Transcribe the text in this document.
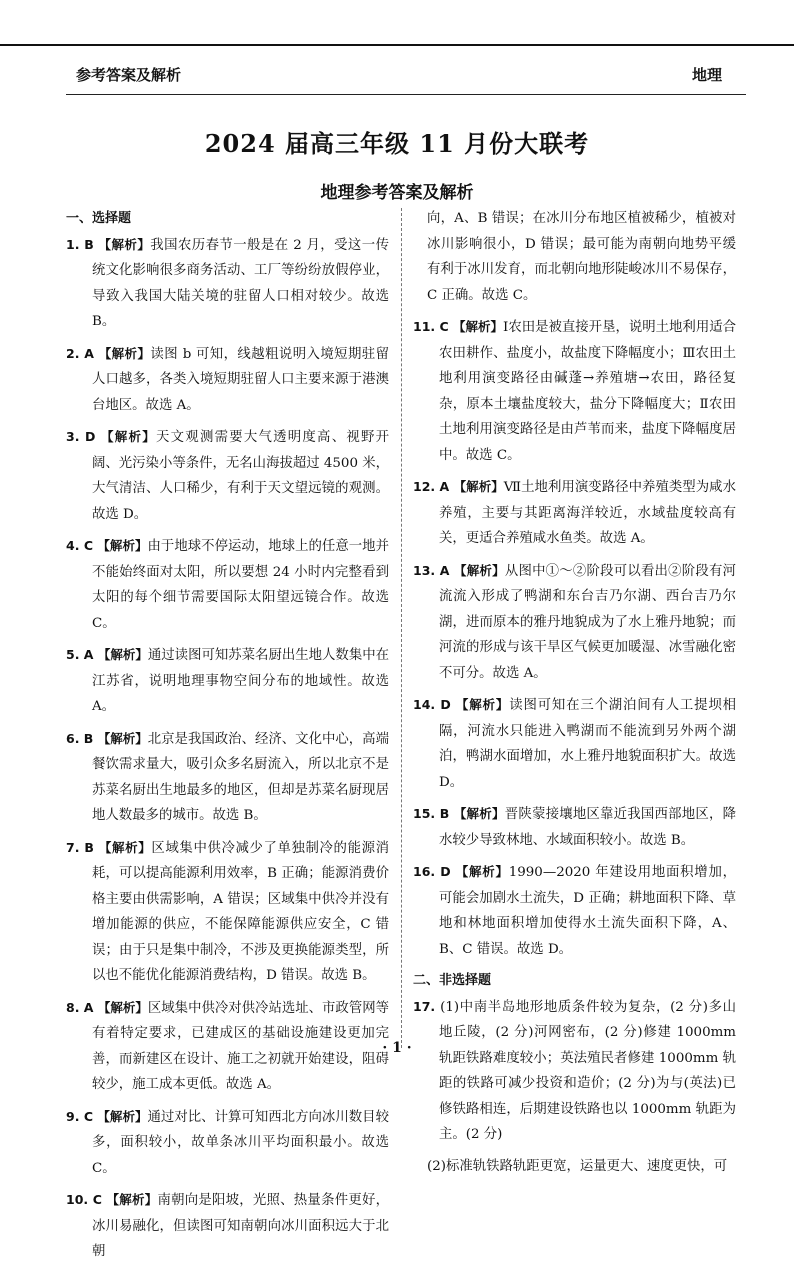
参考答案及解析	地理
2024 届高三年级 11 月份大联考
地理参考答案及解析

一、选择题

1. B 【解析】我国农历春节一般是在 2 月，受这一传统文化影响很多商务活动、工厂等纷纷放假停业，导致入我国大陆关境的驻留人口相对较少。故选 B。

2. A 【解析】读图 b 可知，线越粗说明入境短期驻留人口越多，各类入境短期驻留人口主要来源于港澳台地区。故选 A。

3. D 【解析】天文观测需要大气透明度高、视野开阔、光污染小等条件，无名山海拔超过 4500 米，大气清洁、人口稀少，有利于天文望远镜的观测。故选 D。

4. C 【解析】由于地球不停运动，地球上的任意一地并不能始终面对太阳，所以要想 24 小时内完整看到太阳的每个细节需要国际太阳望远镜合作。故选 C。

5. A 【解析】通过读图可知苏菜名厨出生地人数集中在江苏省，说明地理事物空间分布的地域性。故选 A。

6. B 【解析】北京是我国政治、经济、文化中心，高端餐饮需求量大，吸引众多名厨流入，所以北京不是苏菜名厨出生地最多的地区，但却是苏菜名厨现居地人数最多的城市。故选 B。

7. B 【解析】区域集中供冷减少了单独制冷的能源消耗，可以提高能源利用效率，B 正确；能源消费价格主要由供需影响，A 错误；区域集中供冷并没有增加能源的供应，不能保障能源供应安全，C 错误；由于只是集中制冷，不涉及更换能源类型，所以也不能优化能源消费结构，D 错误。故选 B。

8. A 【解析】区域集中供冷对供冷站选址、市政管网等有着特定要求，已建成区的基础设施建设更加完善，而新建区在设计、施工之初就开始建设，阻碍较少，施工成本更低。故选 A。

9. C 【解析】通过对比、计算可知西北方向冰川数目较多，面积较小，故单条冰川平均面积最小。故选 C。

10. C 【解析】南朝向是阳坡，光照、热量条件更好，冰川易融化，但读图可知南朝向冰川面积远大于北朝

向，A、B 错误；在冰川分布地区植被稀少，植被对冰川影响很小，D 错误；最可能为南朝向地势平缓有利于冰川发育，而北朝向地形陡峻冰川不易保存，C 正确。故选 C。

11. C 【解析】Ⅰ农田是被直接开垦，说明土地利用适合农田耕作、盐度小，故盐度下降幅度小；Ⅲ农田土地利用演变路径由碱蓬→养殖塘→农田，路径复杂，原本土壤盐度较大，盐分下降幅度大；Ⅱ农田土地利用演变路径是由芦苇而来，盐度下降幅度居中。故选 C。

12. A 【解析】Ⅶ土地利用演变路径中养殖类型为咸水养殖，主要与其距离海洋较近，水域盐度较高有关，更适合养殖咸水鱼类。故选 A。

13. A 【解析】从图中①～②阶段可以看出②阶段有河流流入形成了鸭湖和东台吉乃尔湖、西台吉乃尔湖，进而原本的雅丹地貌成为了水上雅丹地貌；而河流的形成与该干旱区气候更加暖湿、冰雪融化密不可分。故选 A。

14. D 【解析】读图可知在三个湖泊间有人工提坝相隔，河流水只能进入鸭湖而不能流到另外两个湖泊，鸭湖水面增加，水上雅丹地貌面积扩大。故选 D。

15. B 【解析】晋陕蒙接壤地区靠近我国西部地区，降水较少导致林地、水域面积较小。故选 B。

16. D 【解析】1990—2020 年建设用地面积增加，可能会加剧水土流失，D 正确；耕地面积下降、草地和林地面积增加使得水土流失面积下降，A、B、C 错误。故选 D。

二、非选择题

17. (1)中南半岛地形地质条件较为复杂，(2 分)多山地丘陵，(2 分)河网密布，(2 分)修建 1000mm 轨距铁路难度较小；英法殖民者修建 1000mm 轨距的铁路可减少投资和造价；(2 分)为与(英法)已修铁路相连，后期建设铁路也以 1000mm 轨距为主。(2 分)

(2)标准轨铁路轨距更宽，运量更大、速度更快，可

· 1 ·
